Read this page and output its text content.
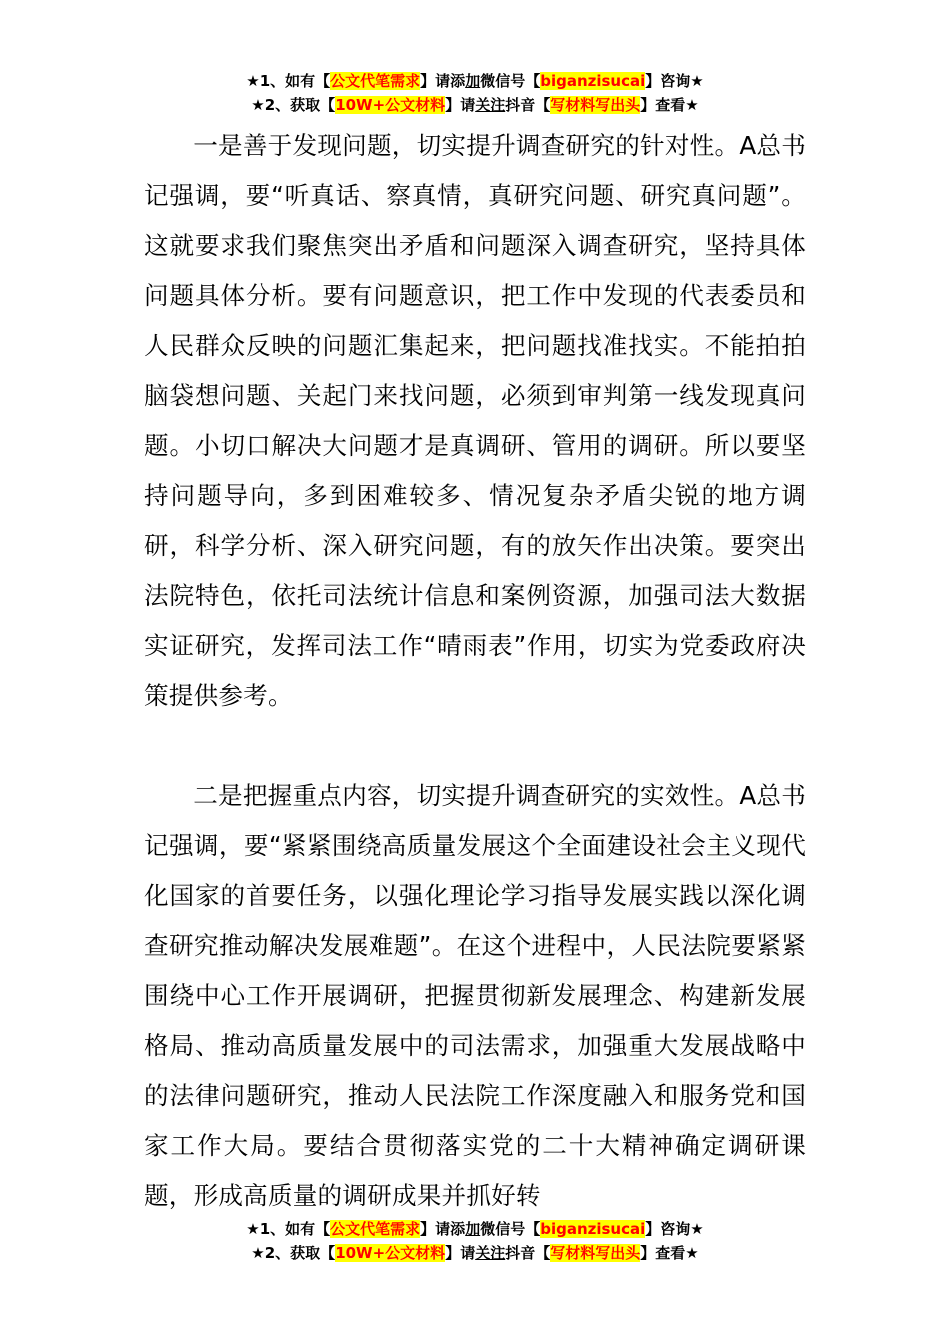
★1、如有【公文代笔需求】请添加微信号【biganzisucai】咨询★
★2、获取【10W+公文材料】请关注抖音【写材料写出头】查看★

一是善于发现问题，切实提升调查研究的针对性。A总书记强调，要“听真话、察真情，真研究问题、研究真问题”。这就要求我们聚焦突出矛盾和问题深入调查研究，坚持具体问题具体分析。要有问题意识，把工作中发现的代表委员和人民群众反映的问题汇集起来，把问题找准找实。不能拍拍脑袋想问题、关起门来找问题，必须到审判第一线发现真问题。小切口解决大问题才是真调研、管用的调研。所以要坚持问题导向，多到困难较多、情况复杂矛盾尖锐的地方调研，科学分析、深入研究问题，有的放矢作出决策。要突出法院特色，依托司法统计信息和案例资源，加强司法大数据实证研究，发挥司法工作“晴雨表”作用，切实为党委政府决策提供参考。

二是把握重点内容，切实提升调查研究的实效性。A总书记强调，要“紧紧围绕高质量发展这个全面建设社会主义现代化国家的首要任务，以强化理论学习指导发展实践以深化调查研究推动解决发展难题”。在这个进程中，人民法院要紧紧围绕中心工作开展调研，把握贯彻新发展理念、构建新发展格局、推动高质量发展中的司法需求，加强重大发展战略中的法律问题研究，推动人民法院工作深度融入和服务党和国家工作大局。要结合贯彻落实党的二十大精神确定调研课题，形成高质量的调研成果并抓好转

★1、如有【公文代笔需求】请添加微信号【biganzisucai】咨询★
★2、获取【10W+公文材料】请关注抖音【写材料写出头】查看★
